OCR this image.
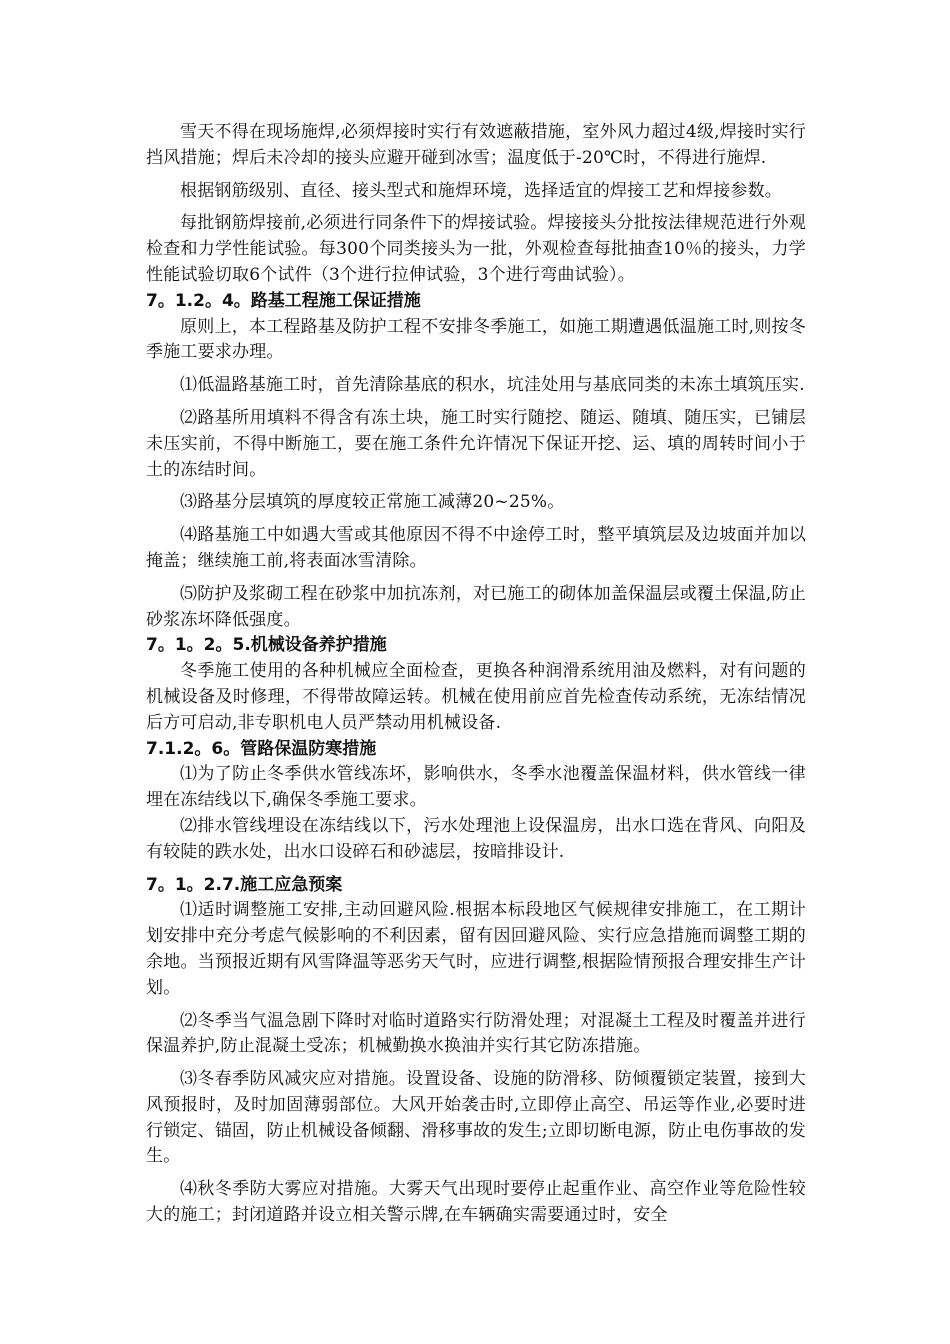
雪天不得在现场施焊,必须焊接时实行有效遮蔽措施，室外风力超过4级,焊接时实行挡风措施；焊后未冷却的接头应避开碰到冰雪；温度低于-20℃时，不得进行施焊.

根据钢筋级别、直径、接头型式和施焊环境，选择适宜的焊接工艺和焊接参数。

每批钢筋焊接前,必须进行同条件下的焊接试验。焊接接头分批按法律规范进行外观检查和力学性能试验。每300个同类接头为一批，外观检查每批抽查10％的接头，力学性能试验切取6个试件（3个进行拉伸试验，3个进行弯曲试验）。

7。1.2。4。路基工程施工保证措施

原则上，本工程路基及防护工程不安排冬季施工，如施工期遭遇低温施工时,则按冬季施工要求办理。

⑴低温路基施工时，首先清除基底的积水，坑洼处用与基底同类的未冻土填筑压实.

⑵路基所用填料不得含有冻土块，施工时实行随挖、随运、随填、随压实，已铺层未压实前，不得中断施工，要在施工条件允许情况下保证开挖、运、填的周转时间小于土的冻结时间。

⑶路基分层填筑的厚度较正常施工减薄20~25%。

⑷路基施工中如遇大雪或其他原因不得不中途停工时，整平填筑层及边坡面并加以掩盖；继续施工前,将表面冰雪清除。

⑸防护及浆砌工程在砂浆中加抗冻剂，对已施工的砌体加盖保温层或覆土保温,防止砂浆冻坏降低强度。

7。1。2。5.机械设备养护措施

冬季施工使用的各种机械应全面检查，更换各种润滑系统用油及燃料，对有问题的机械设备及时修理，不得带故障运转。机械在使用前应首先检查传动系统，无冻结情况后方可启动,非专职机电人员严禁动用机械设备.

7.1.2。6。管路保温防寒措施

⑴为了防止冬季供水管线冻坏，影响供水，冬季水池覆盖保温材料，供水管线一律埋在冻结线以下,确保冬季施工要求。

⑵排水管线埋设在冻结线以下，污水处理池上设保温房，出水口选在背风、向阳及有较陡的跌水处，出水口设碎石和砂滤层，按暗排设计.

7。1。2.7.施工应急预案

⑴适时调整施工安排,主动回避风险.根据本标段地区气候规律安排施工，在工期计划安排中充分考虑气候影响的不利因素，留有因回避风险、实行应急措施而调整工期的余地。当预报近期有风雪降温等恶劣天气时，应进行调整,根据险情预报合理安排生产计划。

⑵冬季当气温急剧下降时对临时道路实行防滑处理；对混凝土工程及时覆盖并进行保温养护,防止混凝土受冻；机械勤换水换油并实行其它防冻措施。

⑶冬春季防风减灾应对措施。设置设备、设施的防滑移、防倾覆锁定装置，接到大风预报时，及时加固薄弱部位。大风开始袭击时,立即停止高空、吊运等作业,必要时进行锁定、锚固，防止机械设备倾翻、滑移事故的发生;立即切断电源，防止电伤事故的发生。

⑷秋冬季防大雾应对措施。大雾天气出现时要停止起重作业、高空作业等危险性较大的施工；封闭道路并设立相关警示牌,在车辆确实需要通过时，安全
